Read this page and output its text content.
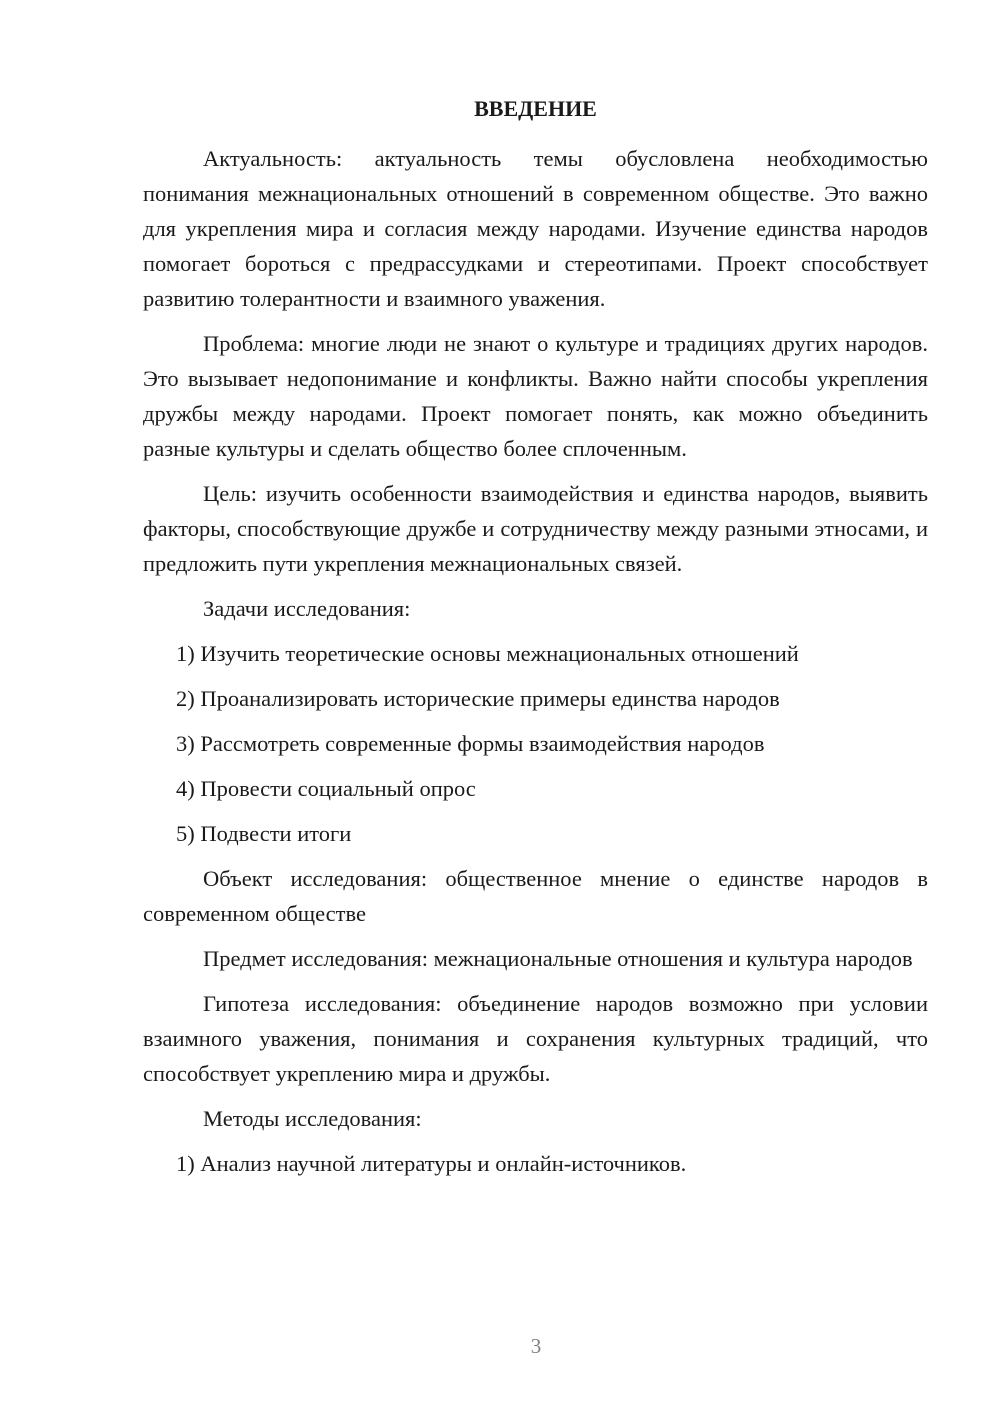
ВВЕДЕНИЕ

Актуальность: актуальность темы обусловлена необходимостью понимания межнациональных отношений в современном обществе. Это важно для укрепления мира и согласия между народами. Изучение единства народов помогает бороться с предрассудками и стереотипами. Проект способствует развитию толерантности и взаимного уважения.

Проблема: многие люди не знают о культуре и традициях других народов. Это вызывает недопонимание и конфликты. Важно найти способы укрепления дружбы между народами. Проект помогает понять, как можно объединить разные культуры и сделать общество более сплоченным.

Цель: изучить особенности взаимодействия и единства народов, выявить факторы, способствующие дружбе и сотрудничеству между разными этносами, и предложить пути укрепления межнациональных связей.

Задачи исследования:

1) Изучить теоретические основы межнациональных отношений
2) Проанализировать исторические примеры единства народов
3) Рассмотреть современные формы взаимодействия народов
4) Провести социальный опрос
5) Подвести итоги

Объект исследования: общественное мнение о единстве народов в современном обществе

Предмет исследования: межнациональные отношения и культура народов

Гипотеза исследования: объединение народов возможно при условии взаимного уважения, понимания и сохранения культурных традиций, что способствует укреплению мира и дружбы.

Методы исследования:

1) Анализ научной литературы и онлайн-источников.
3
